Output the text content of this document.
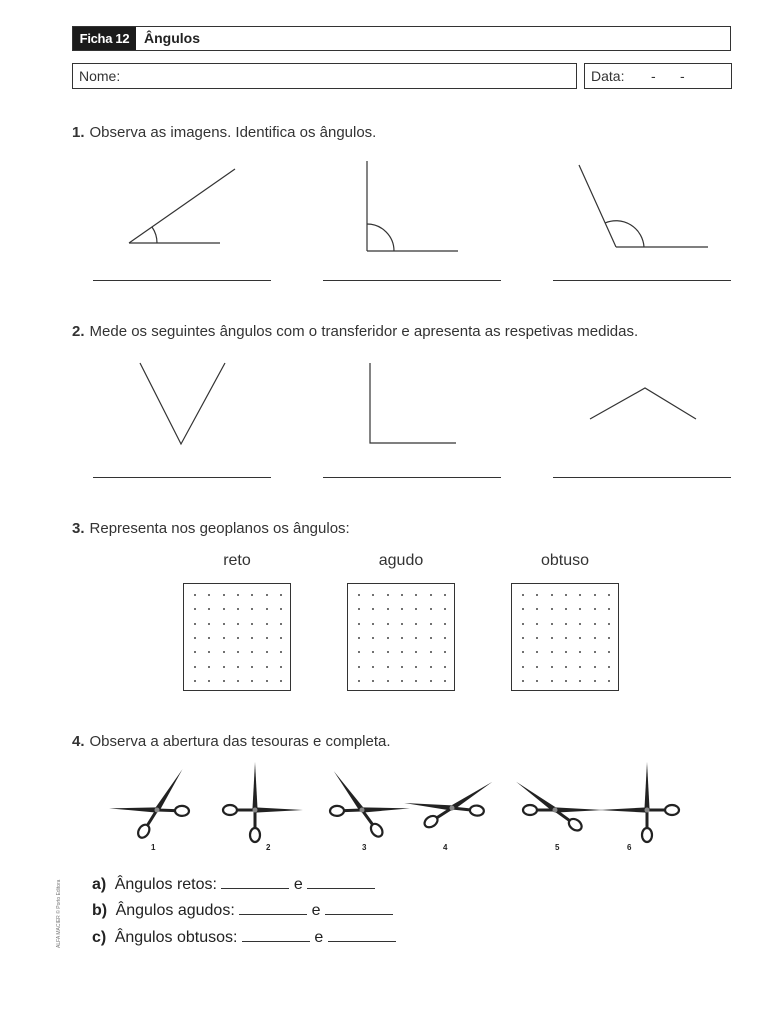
Ficha 12	Ângulos
Nome:	Data: - -
1. Observa as imagens. Identifica os ângulos.
2. Mede os seguintes ângulos com o transferidor e apresenta as respetivas medidas.
3. Representa nos geoplanos os ângulos:
reto	agudo	obtuso
4. Observa a abertura das tesouras e completa.
1	2	3	4	5	6
a) Ângulos retos:	e
b) Ângulos agudos:	e
c) Ângulos obtusos:	e
ALFA MACIER © Porto Editora
